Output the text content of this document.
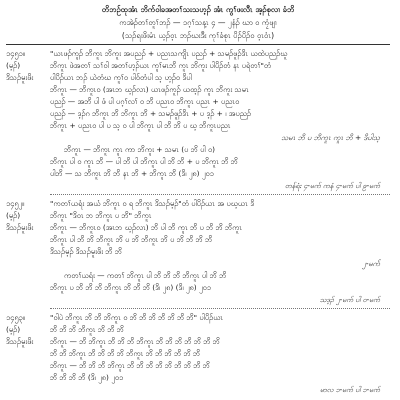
တိဘဉ်ထုအံၤ ဘိက်ဝါခအတၢ်သးသဟ့ၣ် အံၤ ကွၢ်ဖးလီၤ အ့ၣ်စုလၢ ခံဘိ
ကအဲၣ်တၢ်တူၢ်ဘၣ် — ၁ဂ့ၢ်သန့ၤ ၄ — ၂နံၣ် ဃာ ဝ ကၠံဖျၢ
(သၣ်ရးဖိးမံၤ ယ့ၣ်ဝ့ၤ ဘၣ်ဃးဒီး ကုၢ်ခံစုၤ ပိၣ်ပိၣ်ဝ ဝ့ၤဝံၤ)
၁၄၅၁။
(မ့ၣ်)
ဒိသၣ်မူးဖိး
"ယၤဖၣ်ကူၣ် ဘိကူၤ ဘိကူး အပညၣ် + ပညၤသကျိၤ ပညၣ် + သမၣ်ဖူၣ်ဒိၤ ယထဲပညၣ်ဃူ
ဘိကူၤ ဖဲအတၢ် သၢ်ဝါ အတၢ်ဟ့ၣ်ယၤ ကူၢ်မၤဘိ ကူၤ ဘိကူး ပါပိၣ်တံ နၤ ပရဲတၢ်"တံ
ပါပိၣ်ယၤ ဘၣ် ယဲတံဃ ကူၢ်ဝ ပါဝ်တံပါ သ့ ဟ့ၣ်ဝ ဒိပါ
ဘိကူၤ — ဘိကူၤဝ (အၤဘ ဃ့ၣ်လၤ) ယၤဖၣ်ကူၣ် ယထ့ၣ် ကူၤ ဘိကူး သမၤ
ပညၣ် — အဘိ ပါ ဖံ ပါ ပဂ့ၢ်လၢ် ဝ ဘိ ပညၤဝ ဘိကူၤ ပညၤ + ပညၤဝ
ပညၣ် — ဒ့ၣ်ဂ ဘိကူၤ ဘိ ဘိကူၤ ဘိ + သမၣ်ဖူၣ်ဒိၤ + ပ ဒ့ၣ် + ၊ အပညၣ်
ဘိကူၤ + ပညၤဝ ပါ ပ သ့ ဝ ပါ ဘိကူၤ ပါ ဘိ ဘိ ပ ဃ့ ဘိကူၤပညၤ
သမၤ ဘိ ပ ဘိကူၤ ကူၤ ဘိ + ဒိပါသ့
ဘိကူၤ — ဘိကူၤ ကူၤ ကာ ဘိကူး + သမၤ (ပ ဘိ ပါ ဝ)
ဘိကူၤ ပါ ဝ ကူၤ ဘိ — ပါ ဘိ ပါ ဘိကူၤ ပါ ဘိ ဘိ + ပ ဘိကူၤ ဘိ ဘိ
ပါဘိ — သ ဘိကူၤ ဘိ ဘိ နၤ ဘိ + ဘိကူၤ ဘိ (ဒိ၊ ၂၈) ၂၀၁
တန်ရံး ၄-မက် ကနံ ၄-မက် ပါ ၉-မက်
၁၄၅၂။
(မ့ၣ်)
ဒိသၣ်မူးဖိး
"ကတၢ်ယရံး အယံ ဘိကူၤ ဝ ရ ဘိကူၤ ဒိသၣ်မ့ၣ်"တံ ပါပိၣ်ယၤ အ ပဃ့ယၤ ဒိ
ဘိကူၤ "ဒိဝၤ ဘ ဘိကူၤ ပ ဘိ" ဘိကူၤ
ဘိကူၤ — ဘိကူၤဝ (အၤဘ ဃ့ၣ်လၤ) ဘိ ပါ ဘိ ကူၤ ဘိ ပ ဘိ ဘိ ဘိကူၤ
ဘိကူၤ ပါ ဘိ ဘိ ဘိကူၤ ဘိ ပ ဘိ ဘိကူၤ ဘိ ပ ဘိ ဘိ ဘိ ဘိ
ဒိသၣ်မ့ၣ် ဒိသၣ်မူးဖိး ဘိ ဘိ
၂-မက်
ကတၢ်ယရံး — ကတၢ် ဘိကူၤ ပါ ဘိ ဘိ ဘိ ဘိကူၤ ပါ ဘိ ဘိ
ဘိကူၤ ပ ဘိ ဘိ ဘိ ဘိကူၤ ဘိ ဘိ ဘိ (ဒိ၊ ၂၈) (ဒိ၊ ၂၈) ၂၀၁
သဒ့ၣ် ၂-မက် ပါ ဝ-မက်
၁၄၅၃။
(မ့ၣ်)
ဒိသၣ်မူးဖိး
"ဝါပဲ ဘိကူၤ ဘိ ဘိ ဘိကူၤ ဝ ဘိ ဘိ ဘိ ဘိ ဘိ ဘိ ဘိ" ပါပိၣ်ယၤ
ဘိ ဘိ ဘိ ဘိကူၤ ဘိ ဘိ ဘိ
ဘိကူၤ — ဘိ ဘိကူၤ ဘိ ဘိ ဘိ ဘိကူၤ ဘိ ဘိ ဘိ ဘိ ဘိ ဘိ ဘိ
ဘိ ဘိ ဘိကူၤ ဘိ ဘိ ဘိ ဘိ ဘိကူၤ ဘိ ဘိ ဘိ ဘိ ဘိ ဘိ
ဘိကူၤ — ဘိ ဘိ ဘိ ဘိကူၤ ဘိ ဘိ ဘိ ဘိ ဘိ ဘိ ဘိ ဘိ ဘိ
ဘိ ဘိ ဘိ ဘိ (ဒိ၊ ၂၈) ၂၀၁
မာလ ၁-မက် ပါ ၁-မက်
